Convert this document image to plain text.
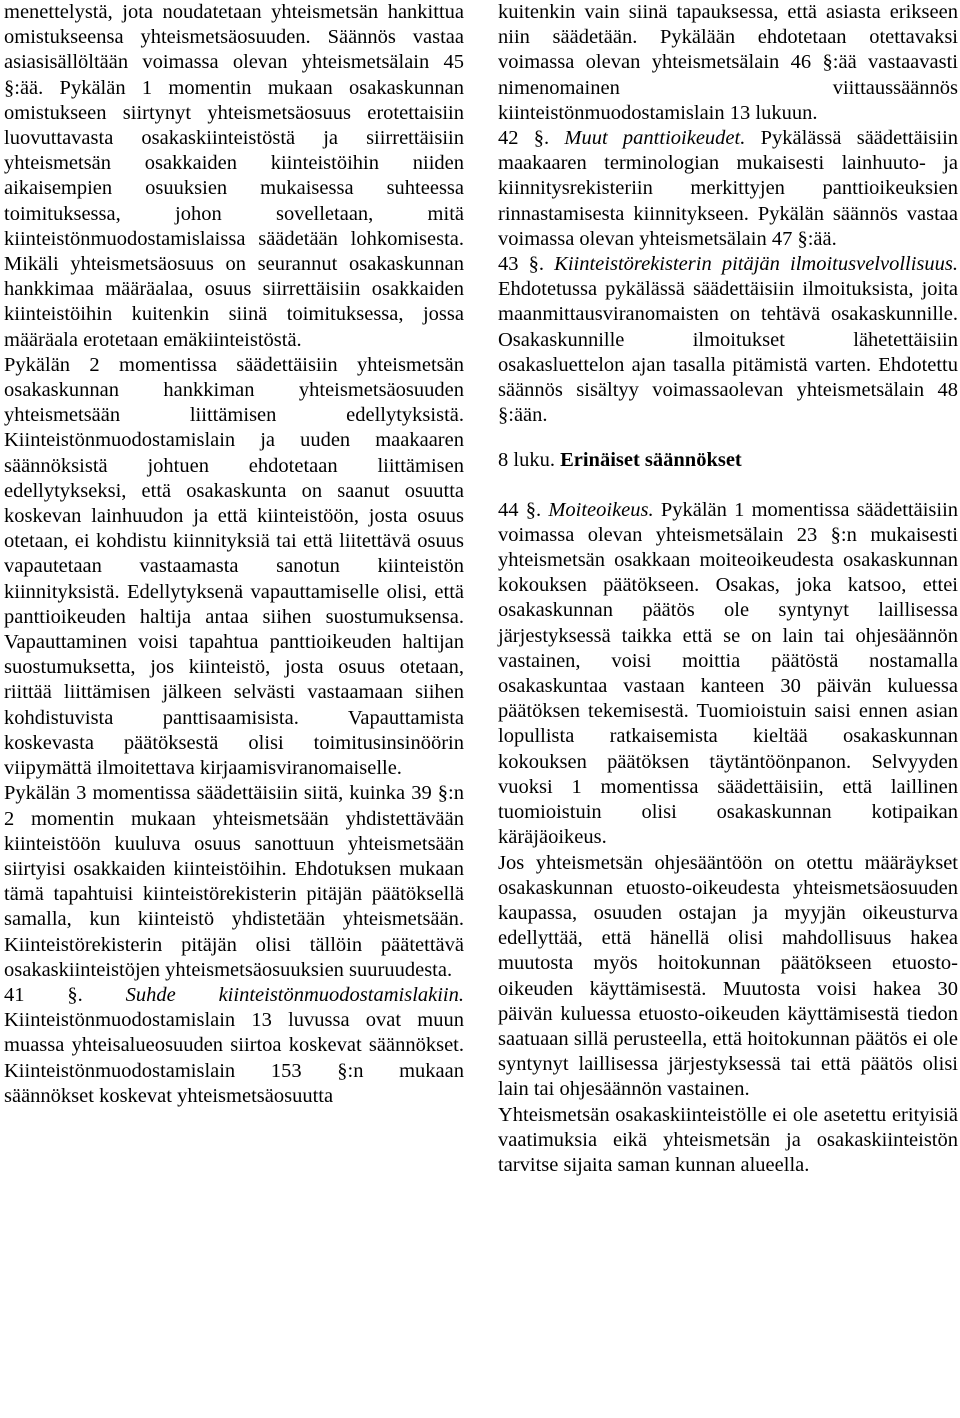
menettelystä, jota noudatetaan yhteismetsän hankittua omistukseensa yhteismetsäosuuden. Säännös vastaa asiasisällöltään voimassa olevan yhteismetsälain 45 §:ää. Pykälän 1 momentin mukaan osakaskunnan omistukseen siirtynyt yhteismetsäosuus erotettaisiin luovuttavasta osakaskiinteistöstä ja siirrettäisiin yhteismetsän osakkaiden kiinteistöihin niiden aikaisempien osuuksien mukaisessa suhteessa toimituksessa, johon sovelletaan, mitä kiinteistönmuodostamislaissa säädetään lohkomisesta. Mikäli yhteismetsäosuus on seurannut osakaskunnan hankkimaa määräalaa, osuus siirrettäisiin osakkaiden kiinteistöihin kuitenkin siinä toimituksessa, jossa määräala erotetaan emäkiinteistöstä.

Pykälän 2 momentissa säädettäisiin yhteismetsän osakaskunnan hankkiman yhteismetsäosuuden yhteismetsään liittämisen edellytyksistä. Kiinteistönmuodostamislain ja uuden maakaaren säännöksistä johtuen ehdotetaan liittämisen edellytykseksi, että osakaskunta on saanut osuutta koskevan lainhuudon ja että kiinteistöön, josta osuus otetaan, ei kohdistu kiinnityksiä tai että liitettävä osuus vapautetaan vastaamasta sanotun kiinteistön kiinnityksistä. Edellytyksenä vapauttamiselle olisi, että panttioikeuden haltija antaa siihen suostumuksensa. Vapauttaminen voisi tapahtua panttioikeuden haltijan suostumuksetta, jos kiinteistö, josta osuus otetaan, riittää liittämisen jälkeen selvästi vastaamaan siihen kohdistuvista panttisaamisista. Vapauttamista koskevasta päätöksestä olisi toimitusinsinöörin viipymättä ilmoitettava kirjaamisviranomaiselle.

Pykälän 3 momentissa säädettäisiin siitä, kuinka 39 §:n 2 momentin mukaan yhteismetsään yhdistettävään kiinteistöön kuuluva osuus sanottuun yhteismetsään siirtyisi osakkaiden kiinteistöihin. Ehdotuksen mukaan tämä tapahtuisi kiinteistörekisterin pitäjän päätöksellä samalla, kun kiinteistö yhdistetään yhteismetsään. Kiinteistörekisterin pitäjän olisi tällöin päätettävä osakaskiinteistöjen yhteismetsäosuuksien suuruudesta.

41 §. Suhde kiinteistönmuodostamislakiin. Kiinteistönmuodostamislain 13 luvussa ovat muun muassa yhteisalueosuuden siirtoa koskevat säännökset. Kiinteistönmuodostamislain 153 §:n mukaan säännökset koskevat yhteismetsäosuutta

kuitenkin vain siinä tapauksessa, että asiasta erikseen niin säädetään. Pykälään ehdotetaan otettavaksi voimassa olevan yhteismetsälain 46 §:ää vastaavasti nimenomainen viittaussäännös kiinteistönmuodostamislain 13 lukuun.

42 §. Muut panttioikeudet. Pykälässä säädettäisiin maakaaren terminologian mukaisesti lainhuuto- ja kiinnitysrekisteriin merkittyjen panttioikeuksien rinnastamisesta kiinnitykseen. Pykälän säännös vastaa voimassa olevan yhteismetsälain 47 §:ää.

43 §. Kiinteistörekisterin pitäjän ilmoitusvelvollisuus. Ehdotetussa pykälässä säädettäisiin ilmoituksista, joita maanmittausviranomaisten on tehtävä osakaskunnille. Osakaskunnille ilmoitukset lähetettäisiin osakasluettelon ajan tasalla pitämistä varten. Ehdotettu säännös sisältyy voimassaolevan yhteismetsälain 48 §:ään.

8 luku. Erinäiset säännökset

44 §. Moiteoikeus. Pykälän 1 momentissa säädettäisiin voimassa olevan yhteismetsälain 23 §:n mukaisesti yhteismetsän osakkaan moiteoikeudesta osakaskunnan kokouksen päätökseen. Osakas, joka katsoo, ettei osakaskunnan päätös ole syntynyt laillisessa järjestyksessä taikka että se on lain tai ohjesäännön vastainen, voisi moittia päätöstä nostamalla osakaskuntaa vastaan kanteen 30 päivän kuluessa päätöksen tekemisestä. Tuomioistuin saisi ennen asian lopullista ratkaisemista kieltää osakaskunnan kokouksen päätöksen täytäntöönpanon. Selvyyden vuoksi 1 momentissa säädettäisiin, että laillinen tuomioistuin olisi osakaskunnan kotipaikan käräjäoikeus.

Jos yhteismetsän ohjesääntöön on otettu määräykset osakaskunnan etuosto-oikeudesta yhteismetsäosuuden kaupassa, osuuden ostajan ja myyjän oikeusturva edellyttää, että hänellä olisi mahdollisuus hakea muutosta myös hoitokunnan päätökseen etuosto-oikeuden käyttämisestä. Muutosta voisi hakea 30 päivän kuluessa etuosto-oikeuden käyttämisestä tiedon saatuaan sillä perusteella, että hoitokunnan päätös ei ole syntynyt laillisessa järjestyksessä tai että päätös olisi lain tai ohjesäännön vastainen.

Yhteismetsän osakaskiinteistölle ei ole asetettu erityisiä vaatimuksia eikä yhteismetsän ja osakaskiinteistön tarvitse sijaita saman kunnan alueella.
